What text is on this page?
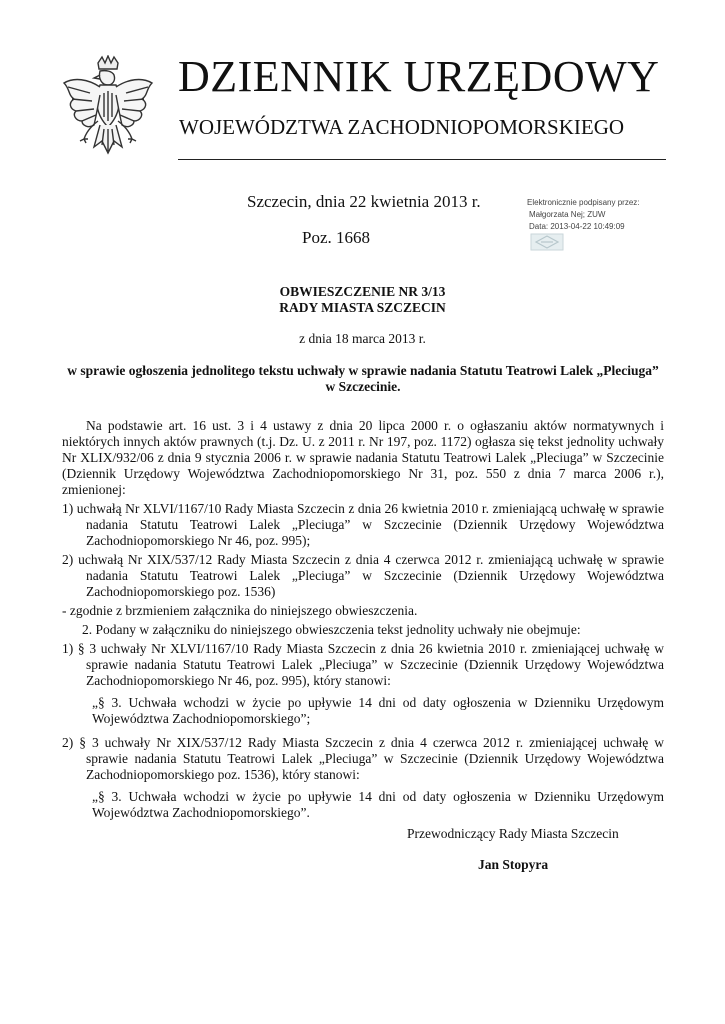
DZIENNIK URZĘDOWY
WOJEWÓDZTWA ZACHODNIOPOMORSKIEGO
Szczecin, dnia 22 kwietnia 2013 r.
Poz. 1668
Elektronicznie podpisany przez:
Małgorzata Nej; ZUW
Data: 2013-04-22 10:49:09
OBWIESZCZENIE NR 3/13
RADY MIASTA SZCZECIN
z dnia 18 marca 2013 r.
w sprawie ogłoszenia jednolitego tekstu uchwały w sprawie nadania Statutu Teatrowi Lalek „Pleciuga” w Szczecinie.

Na podstawie art. 16 ust. 3 i 4 ustawy z dnia 20 lipca 2000 r. o ogłaszaniu aktów normatywnych i niektórych innych aktów prawnych (t.j. Dz. U. z 2011 r. Nr 197, poz. 1172) ogłasza się tekst jednolity uchwały Nr XLIX/932/06 z dnia 9 stycznia 2006 r. w sprawie nadania Statutu Teatrowi Lalek „Pleciuga” w Szczecinie (Dziennik Urzędowy Województwa Zachodniopomorskiego Nr 31, poz. 550 z dnia 7 marca 2006 r.), zmienionej:

1) uchwałą Nr XLVI/1167/10 Rady Miasta Szczecin z dnia 26 kwietnia 2010 r. zmieniającą uchwałę w sprawie nadania Statutu Teatrowi Lalek „Pleciuga” w Szczecinie (Dziennik Urzędowy Województwa Zachodniopomorskiego Nr 46, poz. 995);

2) uchwałą Nr XIX/537/12 Rady Miasta Szczecin z dnia 4 czerwca 2012 r. zmieniającą uchwałę w sprawie nadania Statutu Teatrowi Lalek „Pleciuga” w Szczecinie (Dziennik Urzędowy Województwa Zachodniopomorskiego poz. 1536)

- zgodnie z brzmieniem załącznika do niniejszego obwieszczenia.

2. Podany w załączniku do niniejszego obwieszczenia tekst jednolity uchwały nie obejmuje:

1) § 3 uchwały Nr XLVI/1167/10 Rady Miasta Szczecin z dnia 26 kwietnia 2010 r. zmieniającej uchwałę w sprawie nadania Statutu Teatrowi Lalek „Pleciuga” w Szczecinie (Dziennik Urzędowy Województwa Zachodniopomorskiego Nr 46, poz. 995), który stanowi:

„§ 3. Uchwała wchodzi w życie po upływie 14 dni od daty ogłoszenia w Dzienniku Urzędowym Województwa Zachodniopomorskiego”;

2) § 3 uchwały Nr XIX/537/12 Rady Miasta Szczecin z dnia 4 czerwca 2012 r. zmieniającej uchwałę w sprawie nadania Statutu Teatrowi Lalek „Pleciuga” w Szczecinie (Dziennik Urzędowy Województwa Zachodniopomorskiego poz. 1536), który stanowi:

„§ 3. Uchwała wchodzi w życie po upływie 14 dni od daty ogłoszenia w Dzienniku Urzędowym Województwa Zachodniopomorskiego”.

Przewodniczący Rady Miasta Szczecin
Jan Stopyra
